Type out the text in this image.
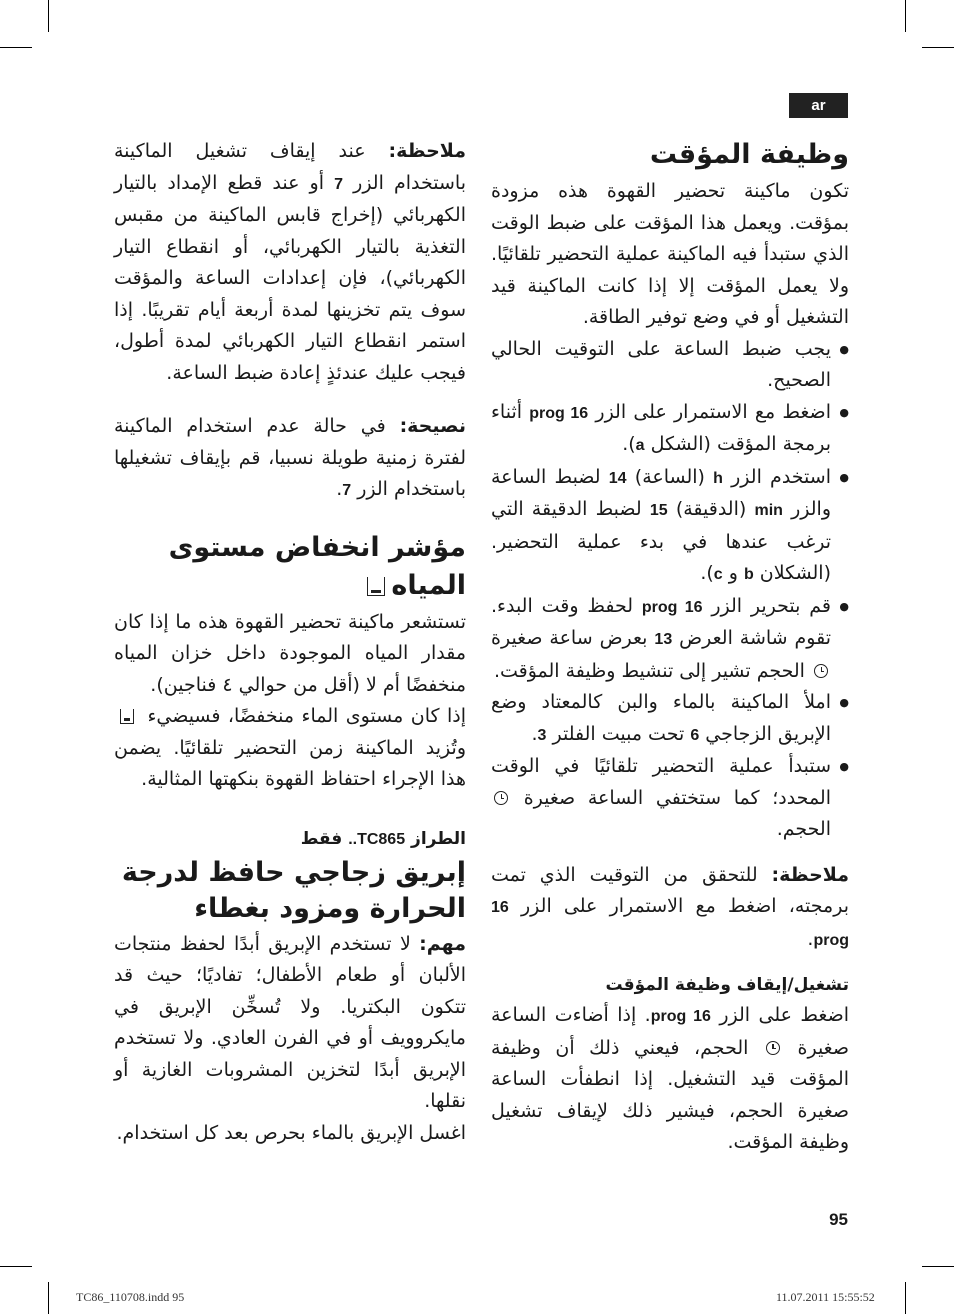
ar
وظيفة المؤقت

تكون ماكينة تحضير القهوة هذه مزودة بمؤقت. ويعمل هذا المؤقت على ضبط الوقت الذي ستبدأ فيه الماكينة عملية التحضير تلقائيًا. ولا يعمل المؤقت إلا إذا كانت الماكينة قيد التشغيل أو في وضع توفير الطاقة.

● يجب ضبط الساعة على التوقيت الحالي الصحيح.
● اضغط مع الاستمرار على الزر 16 prog أثناء برمجة المؤقت (الشكل a).
● استخدم الزر h (الساعة) 14 لضبط الساعة والزر min (الدقيقة) 15 لضبط الدقيقة التي ترغب عندها في بدء عملية التحضير. (الشكلان b و c).
● قم بتحرير الزر 16 prog لحفظ وقت البدء. تقوم شاشة العرض 13 بعرض ساعة صغيرة  الحجم تشير إلى تنشيط وظيفة المؤقت.
● املأ الماكينة بالماء والبن كالمعتاد وضع الإبريق الزجاجي 6 تحت مبيت الفلتر 3.
● ستبدأ عملية التحضير تلقائيًا في الوقت المحدد؛ كما ستختفي الساعة صغيرة  الحجم.

ملاحظة: للتحقق من التوقيت الذي تمت برمجته، اضغط مع الاستمرار على الزر 16 prog.

تشغيل/إيقاف وظيفة المؤقت

اضغط على الزر 16 prog. إذا أضاءت الساعة صغيرة  الحجم، فيعني ذلك أن وظيفة المؤقت قيد التشغيل. إذا انطفأت الساعة صغيرة الحجم، فيشير ذلك لإيقاف تشغيل وظيفة المؤقت.

ملاحظة: عند إيقاف تشغيل الماكينة باستخدام الزر 7 أو عند قطع الإمداد بالتيار الكهربائي (إخراج قابس الماكينة من مقبس التغذية بالتيار الكهربائي، أو انقطاع التيار الكهربائي)، فإن إعدادات الساعة والمؤقت سوف يتم تخزينها لمدة أربعة أيام تقريبًا. إذا استمر انقطاع التيار الكهربائي لمدة أطول، فيجب عليك عندئذٍ إعادة ضبط الساعة.

نصيحة: في حالة عدم استخدام الماكينة لفترة زمنية طويلة نسبيا، قم بإيقاف تشغيلها باستخدام الزر 7.

مؤشر انخفاض مستوى المياه

تستشعر ماكينة تحضير القهوة هذه ما إذا كان مقدار المياه الموجودة داخل خزان المياه منخفضًا أم لا (أقل من حوالي ٤ فناجين).

إذا كان مستوى الماء منخفضًا، فسيضيء  وتُزيد الماكينة زمن التحضير تلقائيًا. يضمن هذا الإجراء احتفاظ القهوة بنكهتها المثالية.

الطراز TC865.. فقط
إبريق زجاجي حافظ لدرجة
الحرارة ومزود بغطاء

مهم: لا تستخدم الإبريق أبدًا لحفظ منتجات الألبان أو طعام الأطفال؛ تفاديًا؛ حيث قد تتكون البكتريا. ولا تُسخِّن الإبريق في مايكروويف أو في الفرن العادي. ولا تستخدم الإبريق أبدًا لتخزين المشروبات الغازية أو نقلها.

اغسل الإبريق بالماء بحرص بعد كل استخدام.

95
TC86_110708.indd 95	11.07.2011 15:55:52
